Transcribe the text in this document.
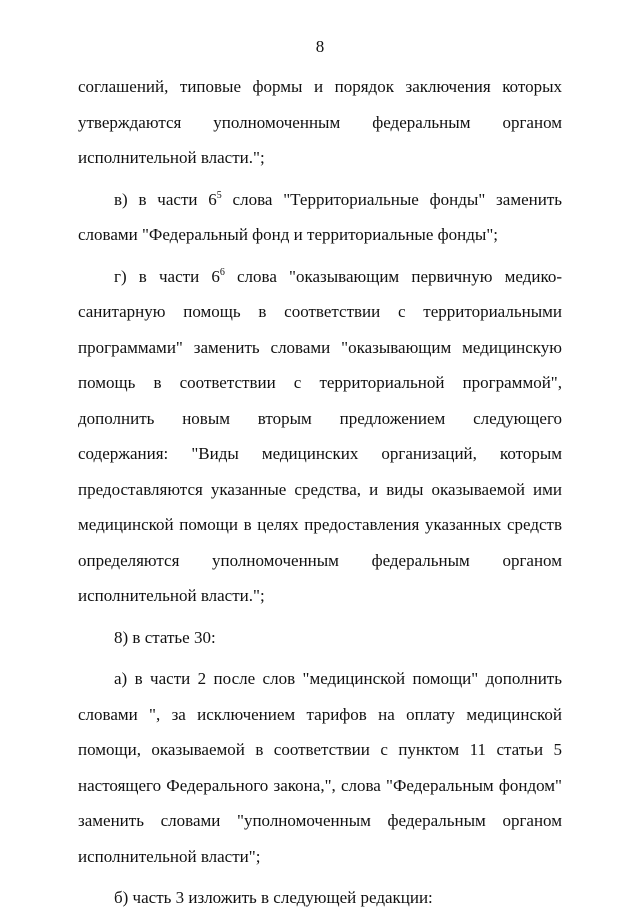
8

соглашений, типовые формы и порядок заключения которых утверждаются уполномоченным федеральным органом исполнительной власти.";

в) в части $6^5$ слова "Территориальные фонды" заменить словами "Федеральный фонд и территориальные фонды";

г) в части $6^6$ слова "оказывающим первичную медико-санитарную помощь в соответствии с территориальными программами" заменить словами "оказывающим медицинскую помощь в соответствии с территориальной программой", дополнить новым вторым предложением следующего содержания: "Виды медицинских организаций, которым предоставляются указанные средства, и виды оказываемой ими медицинской помощи в целях предоставления указанных средств определяются уполномоченным федеральным органом исполнительной власти.";

8) в статье 30:

а) в части 2 после слов "медицинской помощи" дополнить словами ", за исключением тарифов на оплату медицинской помощи, оказываемой в соответствии с пунктом 11 статьи 5 настоящего Федерального закона,", слова "Федеральным фондом" заменить словами "уполномоченным федеральным органом исполнительной власти";

б) часть 3 изложить в следующей редакции:
